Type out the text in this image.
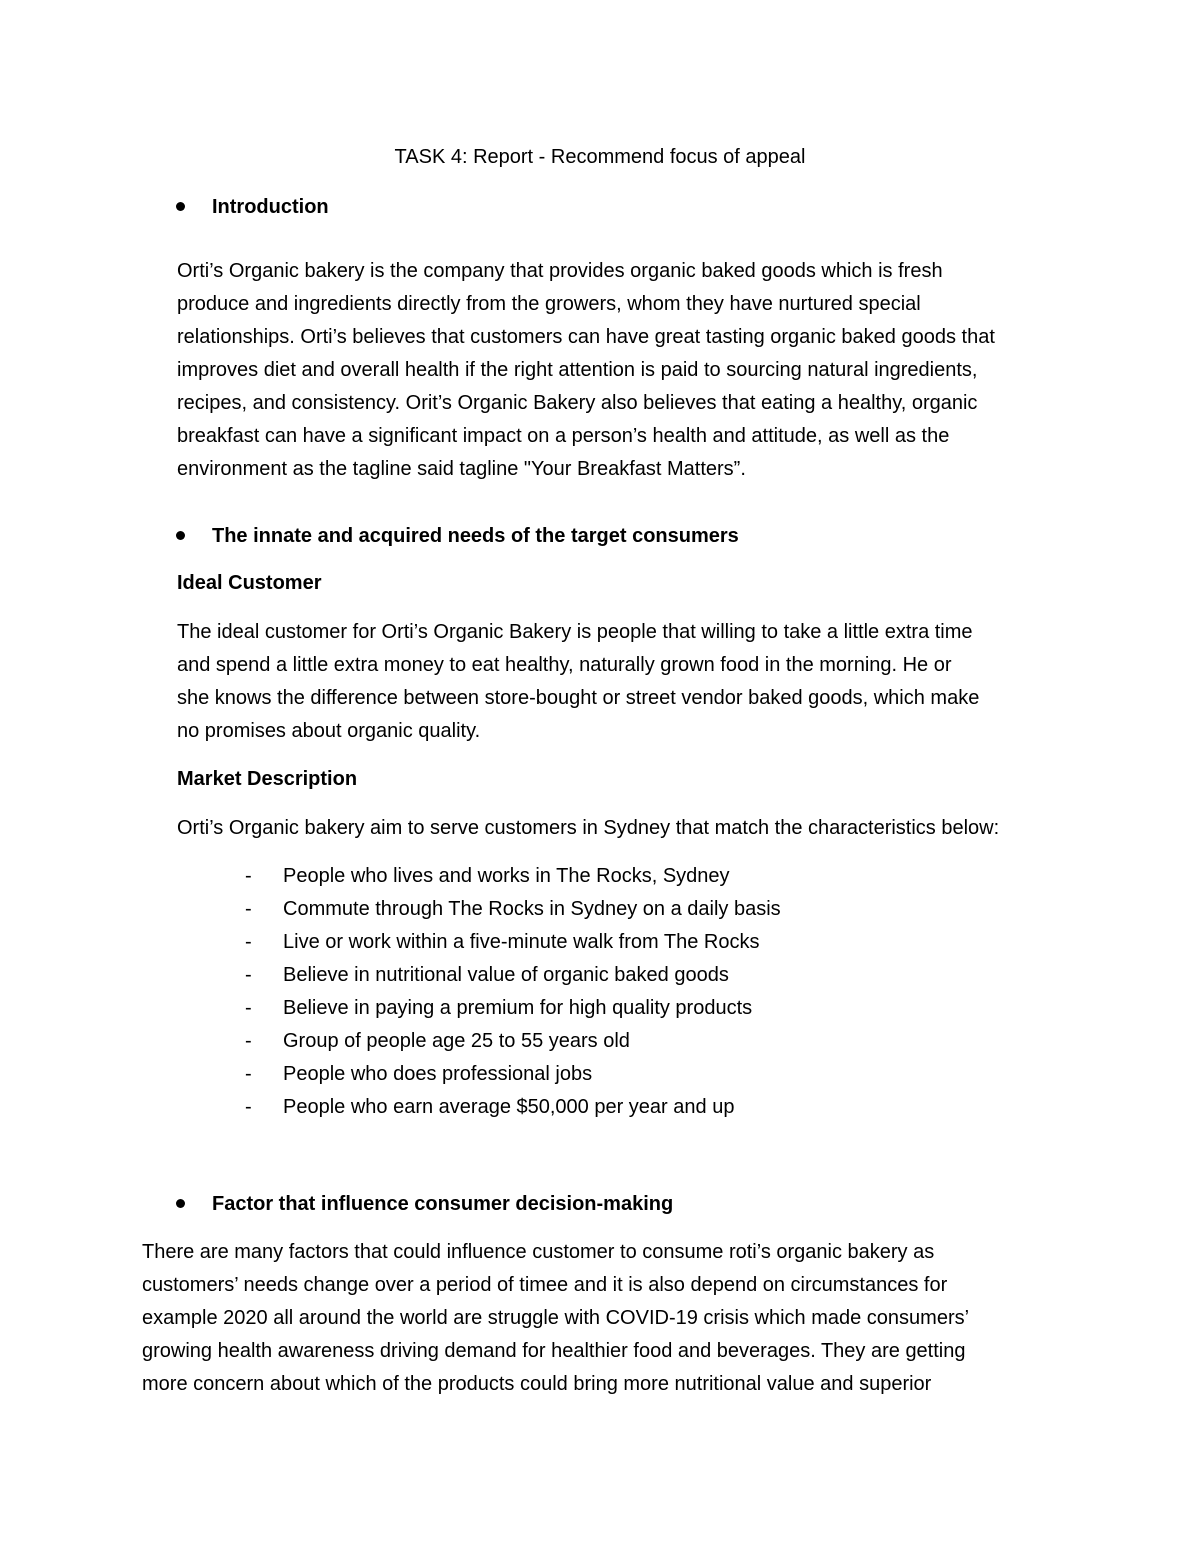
TASK 4: Report - Recommend focus of appeal
Introduction
Orti’s Organic bakery is the company that provides organic baked goods which is fresh
produce and ingredients directly from the growers, whom they have nurtured special
relationships. Orti’s believes that customers can have great tasting organic baked goods that
improves diet and overall health if the right attention is paid to sourcing natural ingredients,
recipes, and consistency. Orit’s Organic Bakery also believes that eating a healthy, organic
breakfast can have a significant impact on a person’s health and attitude, as well as the
environment as the tagline said tagline "Your Breakfast Matters”.
The innate and acquired needs of the target consumers
Ideal Customer
The ideal customer for Orti’s Organic Bakery is people that willing to take a little extra time
and spend a little extra money to eat healthy, naturally grown food in the morning. He or
she knows the difference between store-bought or street vendor baked goods, which make
no promises about organic quality.
Market Description
Orti’s Organic bakery aim to serve customers in Sydney that match the characteristics below:
- People who lives and works in The Rocks, Sydney
- Commute through The Rocks in Sydney on a daily basis
- Live or work within a five-minute walk from The Rocks
- Believe in nutritional value of organic baked goods
- Believe in paying a premium for high quality products
- Group of people age 25 to 55 years old
- People who does professional jobs
- People who earn average $50,000 per year and up
Factor that influence consumer decision-making
There are many factors that could influence customer to consume roti’s organic bakery as
customers’ needs change over a period of timee and it is also depend on circumstances for
example 2020 all around the world are struggle with COVID-19 crisis which made consumers’
growing health awareness driving demand for healthier food and beverages. They are getting
more concern about which of the products could bring more nutritional value and superior
